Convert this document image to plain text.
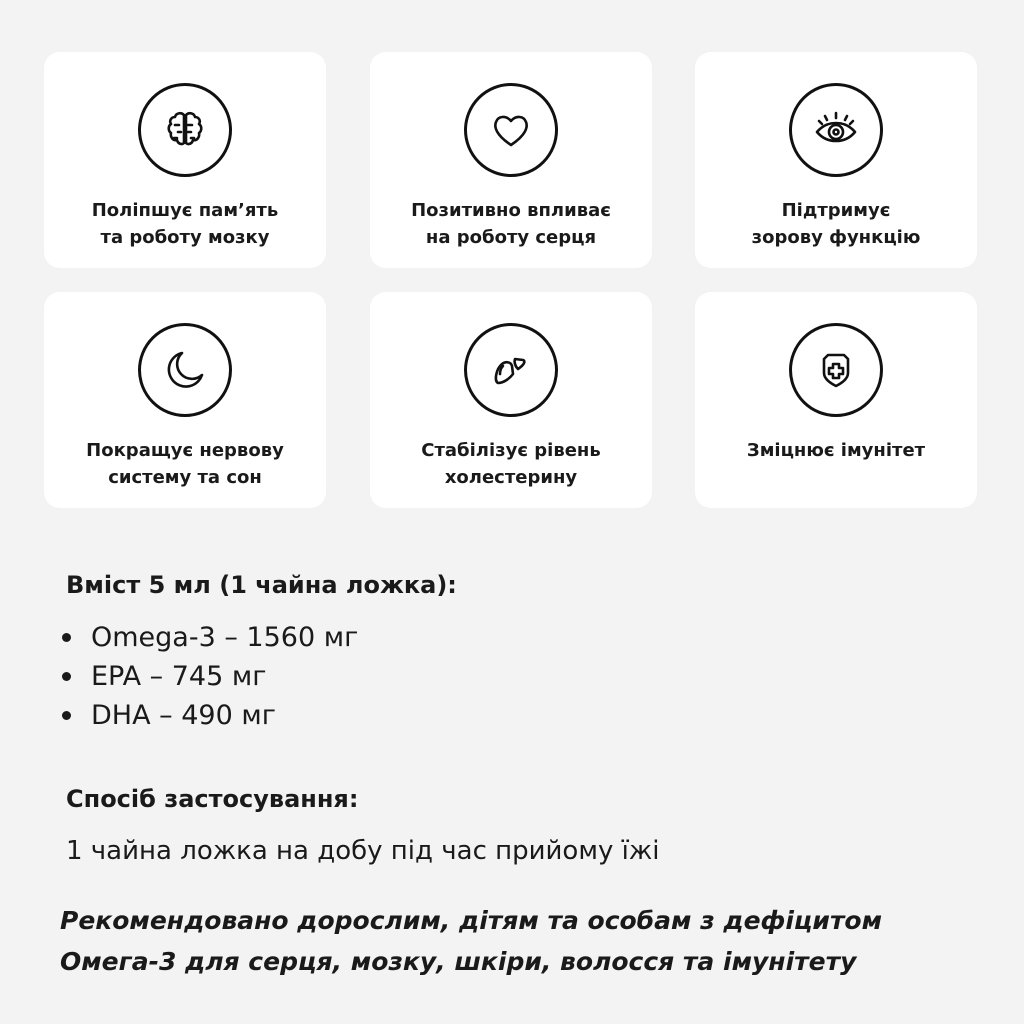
Поліпшує пам’ять
та роботу мозку
Позитивно впливає
на роботу серця
Підтримує
зорову функцію
Покращує нервову
систему та сон
Стабілізує рівень
холестерину
Зміцнює імунітет
Вміст 5 мл (1 чайна ложка):
Omega-3 – 1560 мг
EPA – 745 мг
DHA – 490 мг
Спосіб застосування:
1 чайна ложка на добу під час прийому їжі
Рекомендовано дорослим, дітям та особам з дефіцитом
Омега-3 для серця, мозку, шкіри, волосся та імунітету
